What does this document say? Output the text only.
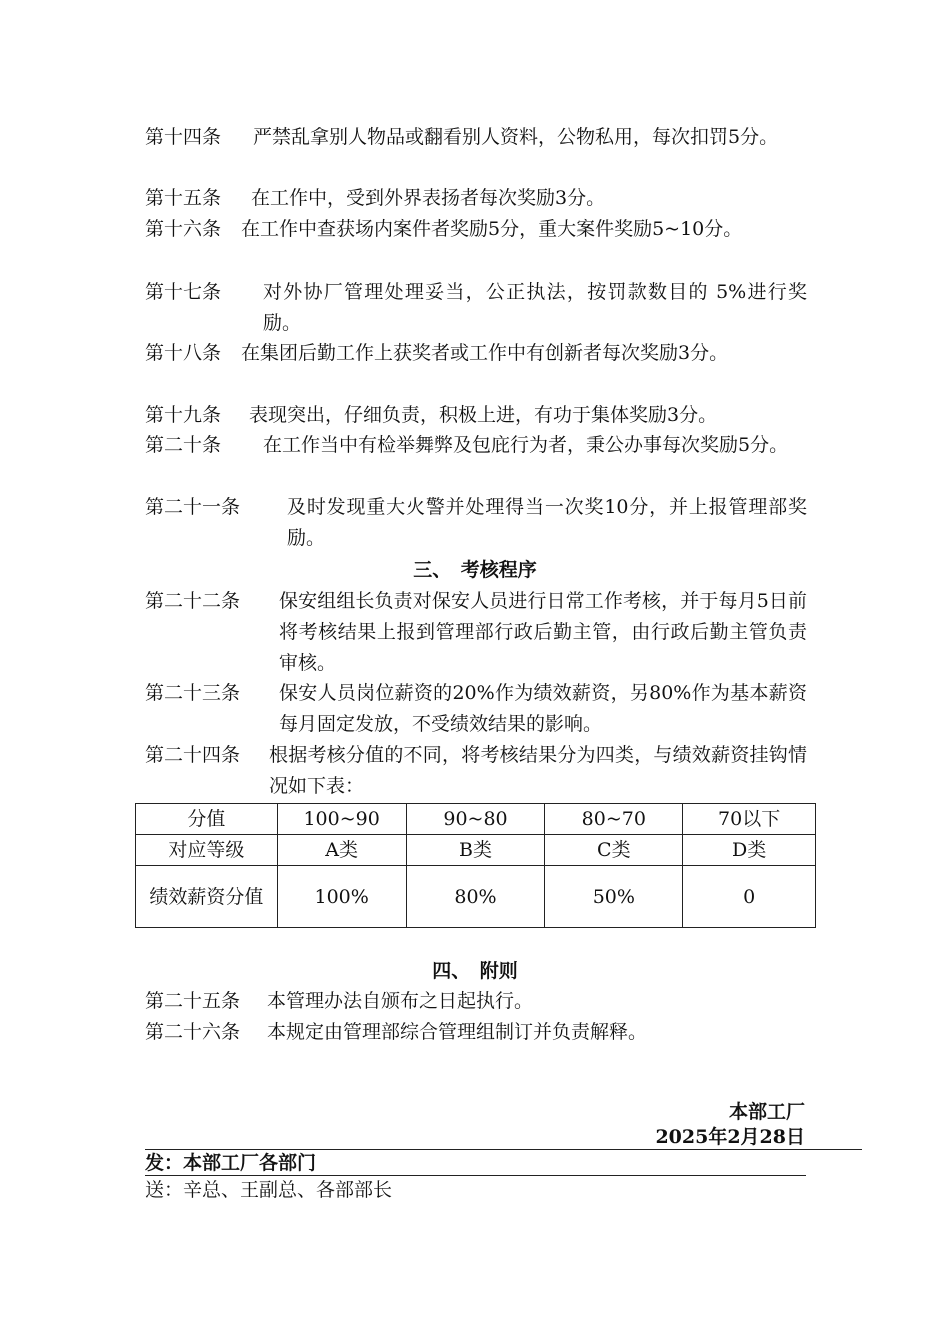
第十四条	严禁乱拿别人物品或翻看别人资料，公物私用，每次扣罚5分。
第十五条	在工作中，受到外界表扬者每次奖励3分。
第十六条	在工作中查获场内案件者奖励5分，重大案件奖励5~10分。
第十七条	对外协厂管理处理妥当，公正执法，按罚款数目的 5%进行奖励。
第十八条	在集团后勤工作上获奖者或工作中有创新者每次奖励3分。
第十九条	表现突出，仔细负责，积极上进，有功于集体奖励3分。
第二十条	在工作当中有检举舞弊及包庇行为者，秉公办事每次奖励5分。
第二十一条	及时发现重大火警并处理得当一次奖10分，并上报管理部奖励。
三、　考核程序
第二十二条	保安组组长负责对保安人员进行日常工作考核，并于每月5日前将考核结果上报到管理部行政后勤主管，由行政后勤主管负责审核。
第二十三条	保安人员岗位薪资的20%作为绩效薪资，另80%作为基本薪资每月固定发放，不受绩效结果的影响。
第二十四条	根据考核分值的不同，将考核结果分为四类，与绩效薪资挂钩情况如下表：
分值	100~90	90~80	80~70	70以下
对应等级	A类	B类	C类	D类
绩效薪资分值	100%	80%	50%	0
四、　附则
第二十五条	本管理办法自颁布之日起执行。
第二十六条	本规定由管理部综合管理组制订并负责解释。
本部工厂
2025年2月28日
发：本部工厂各部门
送：辛总、王副总、各部部长
